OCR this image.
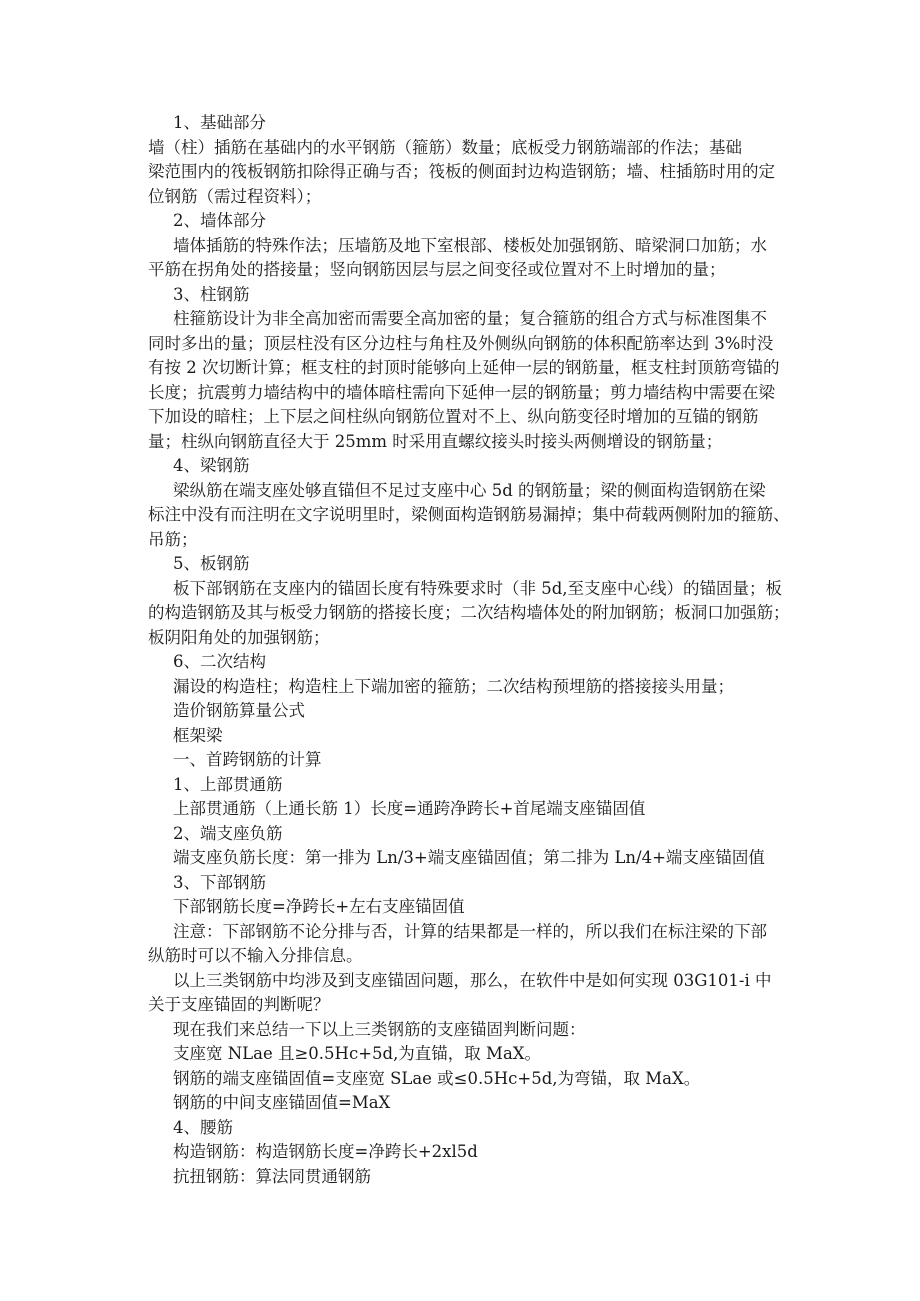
1、基础部分
墙（柱）插筋在基础内的水平钢筋（箍筋）数量；底板受力钢筋端部的作法；基础
梁范围内的筏板钢筋扣除得正确与否；筏板的侧面封边构造钢筋；墙、柱插筋时用的定
位钢筋（需过程资料）；
2、墙体部分
墙体插筋的特殊作法；压墙筋及地下室根部、楼板处加强钢筋、暗梁洞口加筋；水
平筋在拐角处的搭接量；竖向钢筋因层与层之间变径或位置对不上时增加的量；
3、柱钢筋
柱箍筋设计为非全高加密而需要全高加密的量；复合箍筋的组合方式与标准图集不
同时多出的量；顶层柱没有区分边柱与角柱及外侧纵向钢筋的体积配筋率达到 3%时没
有按 2 次切断计算；框支柱的封顶时能够向上延伸一层的钢筋量，框支柱封顶筋弯锚的
长度；抗震剪力墙结构中的墙体暗柱需向下延伸一层的钢筋量；剪力墙结构中需要在梁
下加设的暗柱；上下层之间柱纵向钢筋位置对不上、纵向筋变径时增加的互锚的钢筋
量；柱纵向钢筋直径大于 25mm 时采用直螺纹接头时接头两侧增设的钢筋量；
4、梁钢筋
梁纵筋在端支座处够直锚但不足过支座中心 5d 的钢筋量；梁的侧面构造钢筋在梁
标注中没有而注明在文字说明里时，梁侧面构造钢筋易漏掉；集中荷载两侧附加的箍筋、
吊筋；
5、板钢筋
板下部钢筋在支座内的锚固长度有特殊要求时（非 5d,至支座中心线）的锚固量；板
的构造钢筋及其与板受力钢筋的搭接长度；二次结构墙体处的附加钢筋；板洞口加强筋；
板阴阳角处的加强钢筋；
6、二次结构
漏设的构造柱；构造柱上下端加密的箍筋；二次结构预埋筋的搭接接头用量；
造价钢筋算量公式
框架梁
一、首跨钢筋的计算
1、上部贯通筋
上部贯通筋（上通长筋 1）长度=通跨净跨长+首尾端支座锚固值
2、端支座负筋
端支座负筋长度：第一排为 Ln/3+端支座锚固值；第二排为 Ln/4+端支座锚固值
3、下部钢筋
下部钢筋长度=净跨长+左右支座锚固值
注意：下部钢筋不论分排与否，计算的结果都是一样的，所以我们在标注梁的下部
纵筋时可以不输入分排信息。
以上三类钢筋中均涉及到支座锚固问题，那么，在软件中是如何实现 03G101-i 中
关于支座锚固的判断呢？
现在我们来总结一下以上三类钢筋的支座锚固判断问题：
支座宽 NLae 且≥0.5Hc+5d,为直锚，取 MaX。
钢筋的端支座锚固值=支座宽 SLae 或≤0.5Hc+5d,为弯锚，取 MaX。
钢筋的中间支座锚固值=MaX
4、腰筋
构造钢筋：构造钢筋长度=净跨长+2xl5d
抗扭钢筋：算法同贯通钢筋
